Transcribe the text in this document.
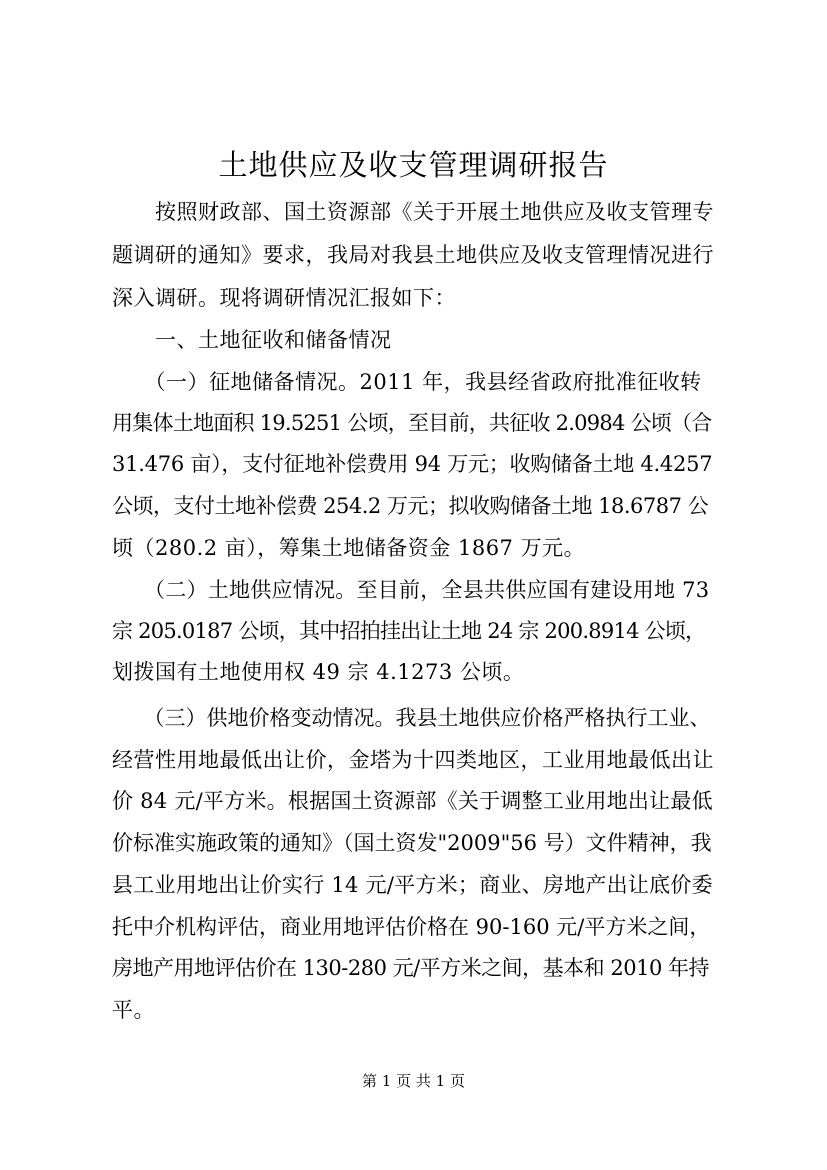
土地供应及收支管理调研报告
　　按照财政部、国土资源部《关于开展土地供应及收支管理专
题调研的通知》要求，我局对我县土地供应及收支管理情况进行
深入调研。现将调研情况汇报如下：
　　一、土地征收和储备情况
　　（一）征地储备情况。2011 年，我县经省政府批准征收转
用集体土地面积 19.5251 公顷，至目前，共征收 2.0984 公顷（合
31.476 亩），支付征地补偿费用 94 万元；收购储备土地 4.4257
公顷，支付土地补偿费 254.2 万元；拟收购储备土地 18.6787 公
顷（280.2 亩），筹集土地储备资金 1867 万元。
　　（二）土地供应情况。至目前，全县共供应国有建设用地 73
宗 205.0187 公顷，其中招拍挂出让土地 24 宗 200.8914 公顷，
划拨国有土地使用权 49 宗 4.1273 公顷。
　　（三）供地价格变动情况。我县土地供应价格严格执行工业、
经营性用地最低出让价，金塔为十四类地区，工业用地最低出让
价 84 元/平方米。根据国土资源部《关于调整工业用地出让最低
价标准实施政策的通知》（国土资发"2009"56 号）文件精神，我
县工业用地出让价实行 14 元/平方米；商业、房地产出让底价委
托中介机构评估，商业用地评估价格在 90-160 元/平方米之间，
房地产用地评估价在 130-280 元/平方米之间，基本和 2010 年持
平。
第 1 页 共 1 页
